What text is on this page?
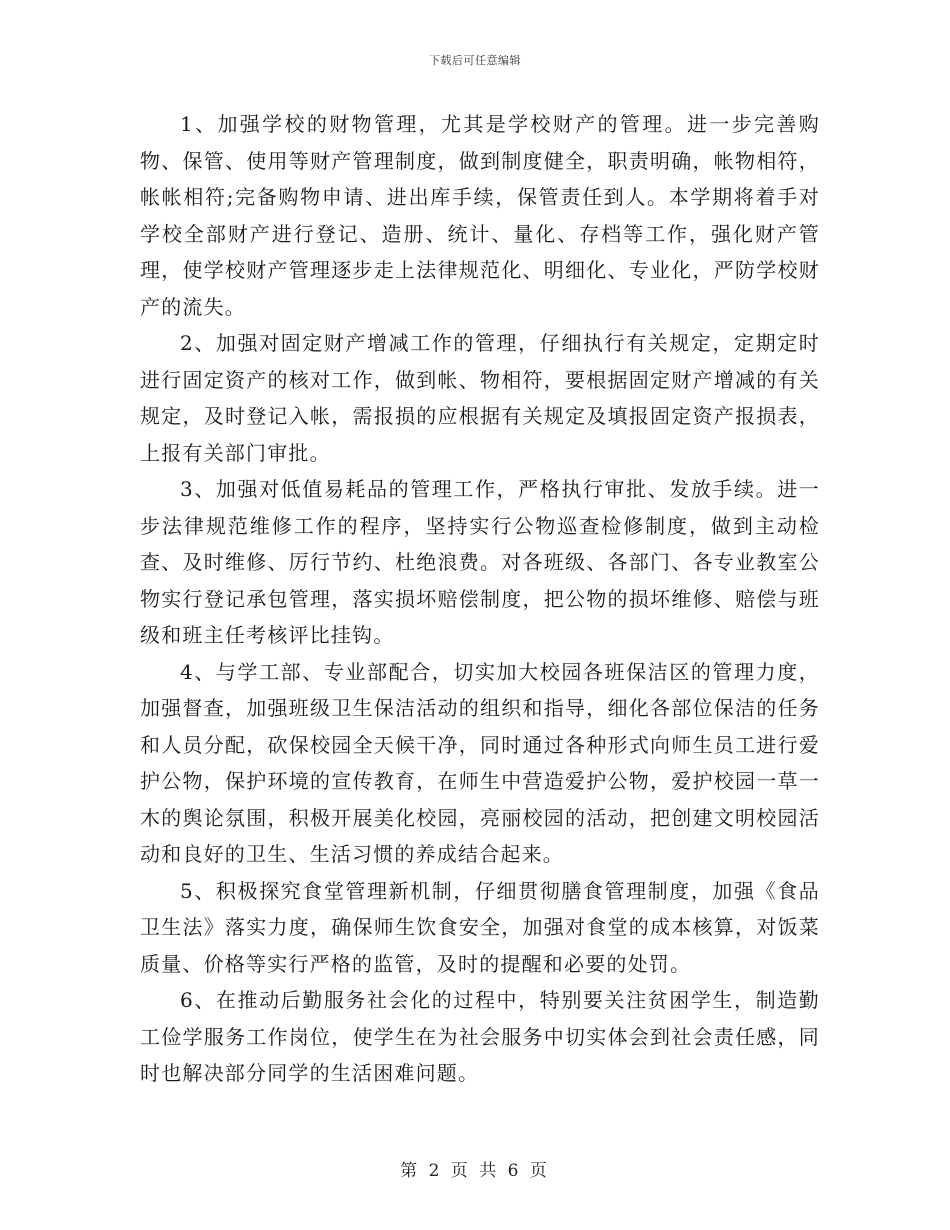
下载后可任意编辑

1、加强学校的财物管理，尤其是学校财产的管理。进一步完善购物、保管、使用等财产管理制度，做到制度健全，职责明确，帐物相符，帐帐相符;完备购物申请、进出库手续，保管责任到人。本学期将着手对学校全部财产进行登记、造册、统计、量化、存档等工作，强化财产管理，使学校财产管理逐步走上法律规范化、明细化、专业化，严防学校财产的流失。

2、加强对固定财产增减工作的管理，仔细执行有关规定，定期定时进行固定资产的核对工作，做到帐、物相符，要根据固定财产增减的有关规定，及时登记入帐，需报损的应根据有关规定及填报固定资产报损表，上报有关部门审批。

3、加强对低值易耗品的管理工作，严格执行审批、发放手续。进一步法律规范维修工作的程序，坚持实行公物巡查检修制度，做到主动检查、及时维修、厉行节约、杜绝浪费。对各班级、各部门、各专业教室公物实行登记承包管理，落实损坏赔偿制度，把公物的损坏维修、赔偿与班级和班主任考核评比挂钩。

4、与学工部、专业部配合，切实加大校园各班保洁区的管理力度，加强督查，加强班级卫生保洁活动的组织和指导，细化各部位保洁的任务和人员分配，砍保校园全天候干净，同时通过各种形式向师生员工进行爱护公物，保护环境的宣传教育，在师生中营造爱护公物，爱护校园一草一木的舆论氛围，积极开展美化校园，亮丽校园的活动，把创建文明校园活动和良好的卫生、生活习惯的养成结合起来。

5、积极探究食堂管理新机制，仔细贯彻膳食管理制度，加强《食品卫生法》落实力度，确保师生饮食安全，加强对食堂的成本核算，对饭菜质量、价格等实行严格的监管，及时的提醒和必要的处罚。

6、在推动后勤服务社会化的过程中，特别要关注贫困学生，制造勤工俭学服务工作岗位，使学生在为社会服务中切实体会到社会责任感，同时也解决部分同学的生活困难问题。

第 2 页 共 6 页
